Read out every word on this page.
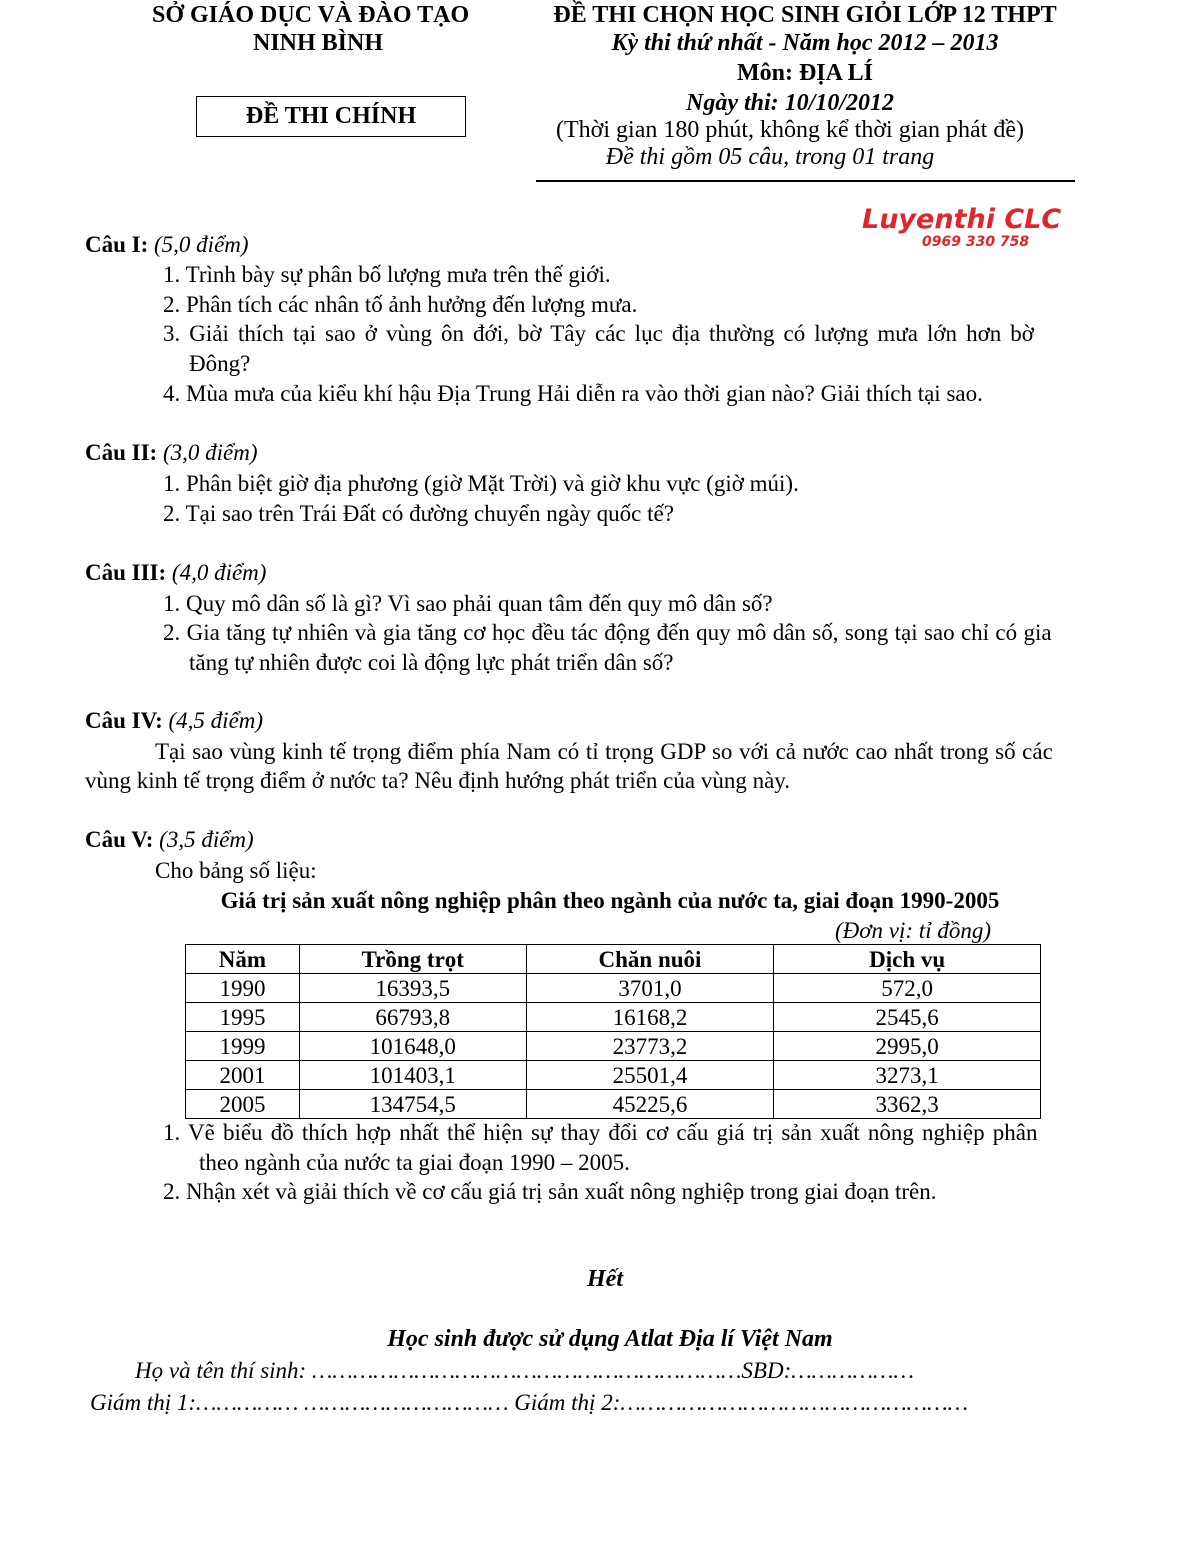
SỞ GIÁO DỤC VÀ ĐÀO TẠO
NINH BÌNH
ĐỀ THI CHÍNH
ĐỀ THI CHỌN HỌC SINH GIỎI LỚP 12 THPT
Kỳ thi thứ nhất - Năm học 2012 – 2013
Môn: ĐỊA LÍ
Ngày thi: 10/10/2012
(Thời gian 180 phút, không kể thời gian phát đề)
Đề thi gồm 05 câu, trong 01 trang
Luyenthi CLC
0969 330 758
Câu I: (5,0 điểm)
1. Trình bày sự phân bố lượng mưa trên thế giới.
2. Phân tích các nhân tố ảnh hưởng đến lượng mưa.
3. Giải thích tại sao ở vùng ôn đới, bờ Tây các lục địa thường có lượng mưa lớn hơn bờ
Đông?
4. Mùa mưa của kiểu khí hậu Địa Trung Hải diễn ra vào thời gian nào? Giải thích tại sao.
Câu II: (3,0 điểm)
1. Phân biệt giờ địa phương (giờ Mặt Trời) và giờ khu vực (giờ múi).
2. Tại sao trên Trái Đất có đường chuyển ngày quốc tế?
Câu III: (4,0 điểm)
1. Quy mô dân số là gì? Vì sao phải quan tâm đến quy mô dân số?
2. Gia tăng tự nhiên và gia tăng cơ học đều tác động đến quy mô dân số, song tại sao chỉ có gia
tăng tự nhiên được coi là động lực phát triển dân số?
Câu IV: (4,5 điểm)
Tại sao vùng kinh tế trọng điểm phía Nam có tỉ trọng GDP so với cả nước cao nhất trong số các
vùng kinh tế trọng điểm ở nước ta? Nêu định hướng phát triển của vùng này.
Câu V: (3,5 điểm)
Cho bảng số liệu:
Giá trị sản xuất nông nghiệp phân theo ngành của nước ta, giai đoạn 1990-2005
(Đơn vị: tỉ đồng)
Năm	Trồng trọt	Chăn nuôi	Dịch vụ
1990	16393,5	3701,0	572,0
1995	66793,8	16168,2	2545,6
1999	101648,0	23773,2	2995,0
2001	101403,1	25501,4	3273,1
2005	134754,5	45225,6	3362,3
1. Vẽ biểu đồ thích hợp nhất thể hiện sự thay đổi cơ cấu giá trị sản xuất nông nghiệp phân
theo ngành của nước ta giai đoạn 1990 – 2005.
2. Nhận xét và giải thích về cơ cấu giá trị sản xuất nông nghiệp trong giai đoạn trên.
Hết
Học sinh được sử dụng Atlat Địa lí Việt Nam
Họ và tên thí sinh: ………………………………………………………SBD:………………
Giám thị 1:…………… ………………………… Giám thị 2:……………………………………………
